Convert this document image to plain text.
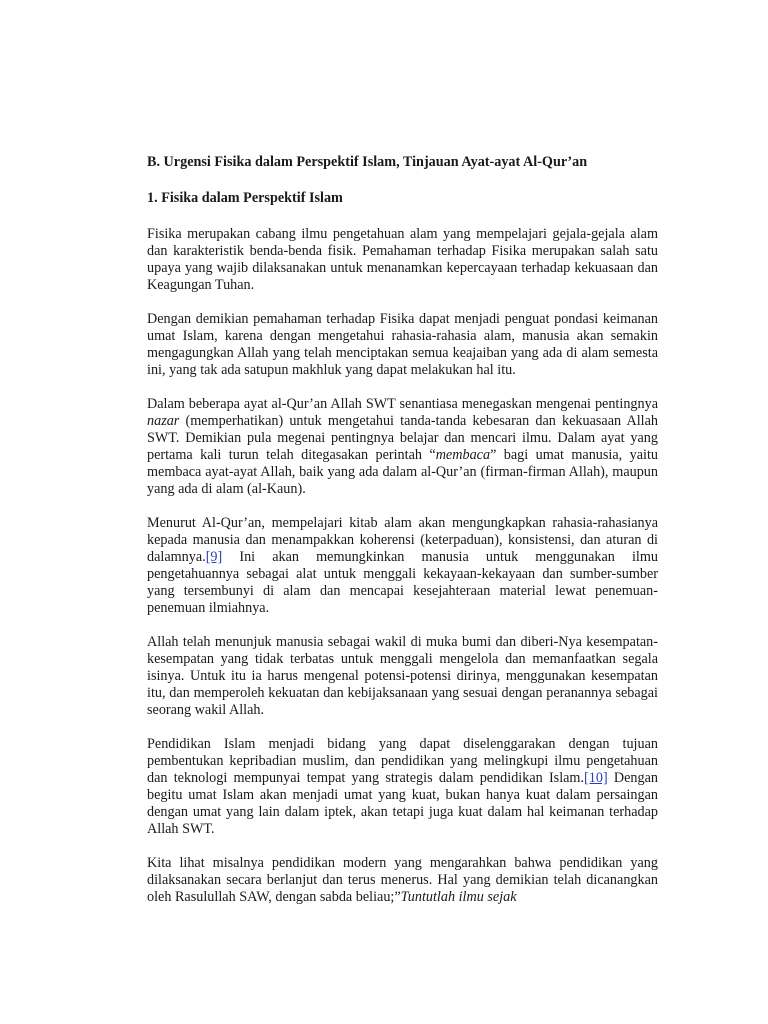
B. Urgensi Fisika dalam Perspektif Islam, Tinjauan Ayat-ayat Al-Qur’an
1. Fisika dalam Perspektif Islam

Fisika merupakan cabang ilmu pengetahuan alam yang mempelajari gejala-gejala alam dan karakteristik benda-benda fisik. Pemahaman terhadap Fisika merupakan salah satu upaya yang wajib dilaksanakan untuk menanamkan kepercayaan terhadap kekuasaan dan Keagungan Tuhan.

Dengan demikian pemahaman terhadap Fisika dapat menjadi penguat pondasi keimanan umat Islam, karena dengan mengetahui rahasia-rahasia alam, manusia akan semakin mengagungkan Allah yang telah menciptakan semua keajaiban yang ada di alam semesta ini, yang tak ada satupun makhluk yang dapat melakukan hal itu.

Dalam beberapa ayat al-Qur’an Allah SWT senantiasa menegaskan mengenai pentingnya nazar (memperhatikan) untuk mengetahui tanda-tanda kebesaran dan kekuasaan Allah SWT. Demikian pula megenai pentingnya belajar dan mencari ilmu. Dalam ayat yang pertama kali turun telah ditegasakan perintah “membaca” bagi umat manusia, yaitu membaca ayat-ayat Allah, baik yang ada dalam al-Qur’an (firman-firman Allah), maupun yang ada di alam (al-Kaun).

Menurut Al-Qur’an, mempelajari kitab alam akan mengungkapkan rahasia-rahasianya kepada manusia dan menampakkan koherensi (keterpaduan), konsistensi, dan aturan di dalamnya.[9] Ini akan memungkinkan manusia untuk menggunakan ilmu pengetahuannya sebagai alat untuk menggali kekayaan-kekayaan dan sumber-sumber yang tersembunyi di alam dan mencapai kesejahteraan material lewat penemuan-penemuan ilmiahnya.

Allah telah menunjuk manusia sebagai wakil di muka bumi dan diberi-Nya kesempatan-kesempatan yang tidak terbatas untuk menggali mengelola dan memanfaatkan segala isinya. Untuk itu ia harus mengenal potensi-potensi dirinya, menggunakan kesempatan itu, dan memperoleh kekuatan dan kebijaksanaan yang sesuai dengan peranannya sebagai seorang wakil Allah.

Pendidikan Islam menjadi bidang yang dapat diselenggarakan dengan tujuan pembentukan kepribadian muslim, dan pendidikan yang melingkupi ilmu pengetahuan dan teknologi mempunyai tempat yang strategis dalam pendidikan Islam.[10] Dengan begitu umat Islam akan menjadi umat yang kuat, bukan hanya kuat dalam persaingan dengan umat yang lain dalam iptek, akan tetapi juga kuat dalam hal keimanan terhadap Allah SWT.

Kita lihat misalnya pendidikan modern yang mengarahkan bahwa pendidikan yang dilaksanakan secara berlanjut dan terus menerus. Hal yang demikian telah dicanangkan oleh Rasulullah SAW, dengan sabda beliau;”Tuntutlah ilmu sejak
